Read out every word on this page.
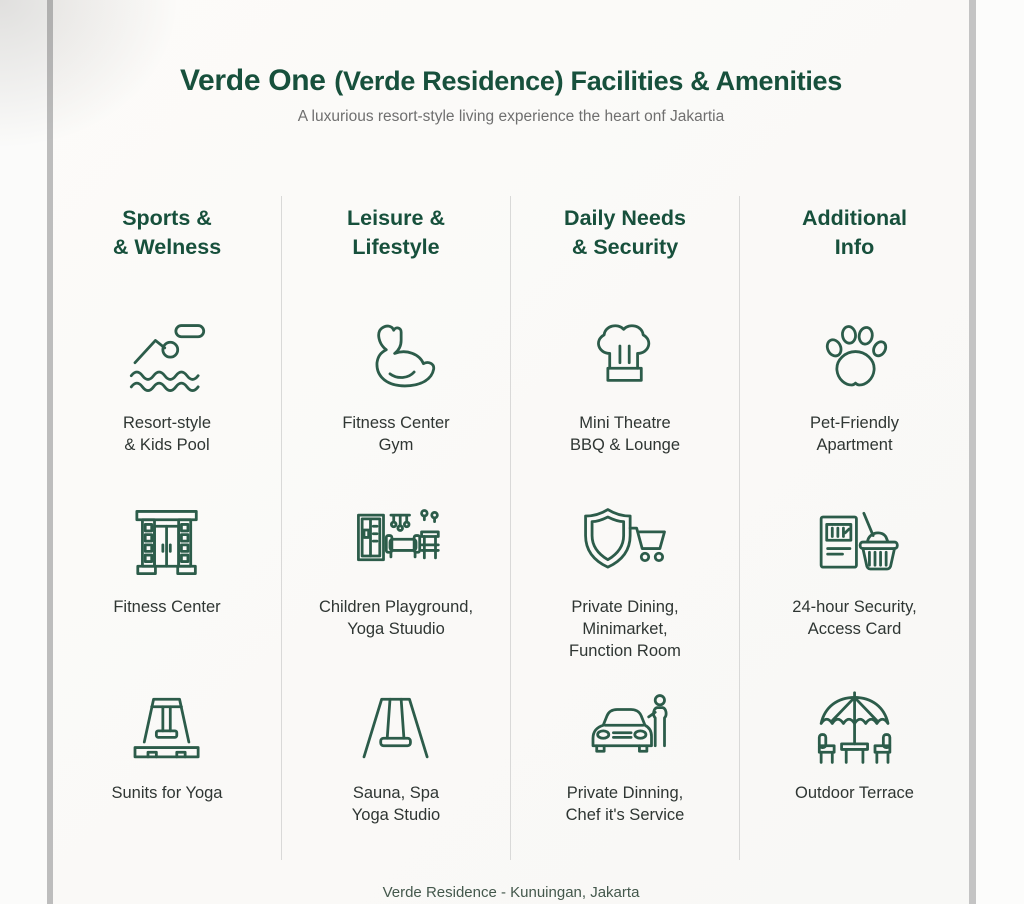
Verde One (Verde Residence) Facilities & Amenities
A luxurious resort-style living experience the heart onf Jakartia
Sports &
& Welness
Resort-style
& Kids Pool
Fitness Center
Sunits for Yoga
Leisure &
Lifestyle
Fitness Center
Gym
Children Playground,
Yoga Stuudio
Sauna, Spa
Yoga Studio
Daily Needs
& Security
Mini Theatre
BBQ & Lounge
Private Dining,
Minimarket,
Function Room
Private Dinning,
Chef it's Service
Additional
Info
Pet-Friendly
Apartment
24-hour Security,
Access Card
Outdoor Terrace
Verde Residence - Kunuingan, Jakarta
